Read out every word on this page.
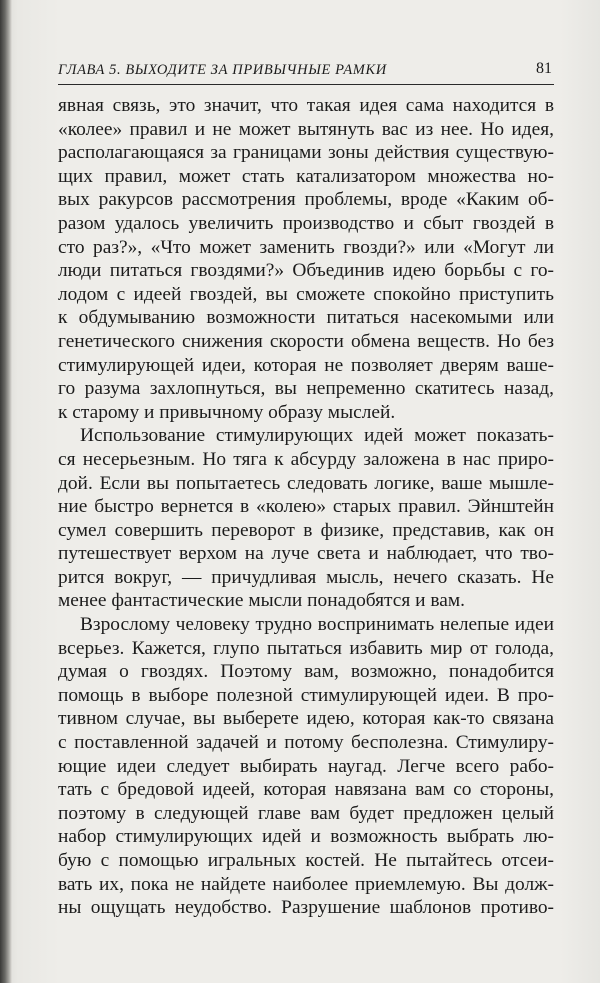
ГЛАВА 5. ВЫХОДИТЕ ЗА ПРИВЫЧНЫЕ РАМКИ	81
явная связь, это значит, что такая идея сама находится в
«колее» правил и не может вытянуть вас из нее. Но идея,
располагающаяся за границами зоны действия существую-
щих правил, может стать катализатором множества но-
вых ракурсов рассмотрения проблемы, вроде «Каким об-
разом удалось увеличить производство и сбыт гвоздей в
сто раз?», «Что может заменить гвозди?» или «Могут ли
люди питаться гвоздями?» Объединив идею борьбы с го-
лодом с идеей гвоздей, вы сможете спокойно приступить
к обдумыванию возможности питаться насекомыми или
генетического снижения скорости обмена веществ. Но без
стимулирующей идеи, которая не позволяет дверям ваше-
го разума захлопнуться, вы непременно скатитесь назад,
к старому и привычному образу мыслей.
Использование стимулирующих идей может показать-
ся несерьезным. Но тяга к абсурду заложена в нас приро-
дой. Если вы попытаетесь следовать логике, ваше мышле-
ние быстро вернется в «колею» старых правил. Эйнштейн
сумел совершить переворот в физике, представив, как он
путешествует верхом на луче света и наблюдает, что тво-
рится вокруг, — причудливая мысль, нечего сказать. Не
менее фантастические мысли понадобятся и вам.
Взрослому человеку трудно воспринимать нелепые идеи
всерьез. Кажется, глупо пытаться избавить мир от голода,
думая о гвоздях. Поэтому вам, возможно, понадобится
помощь в выборе полезной стимулирующей идеи. В про-
тивном случае, вы выберете идею, которая как-то связана
с поставленной задачей и потому бесполезна. Стимулиру-
ющие идеи следует выбирать наугад. Легче всего рабо-
тать с бредовой идеей, которая навязана вам со стороны,
поэтому в следующей главе вам будет предложен целый
набор стимулирующих идей и возможность выбрать лю-
бую с помощью игральных костей. Не пытайтесь отсеи-
вать их, пока не найдете наиболее приемлемую. Вы долж-
ны ощущать неудобство. Разрушение шаблонов противо-
